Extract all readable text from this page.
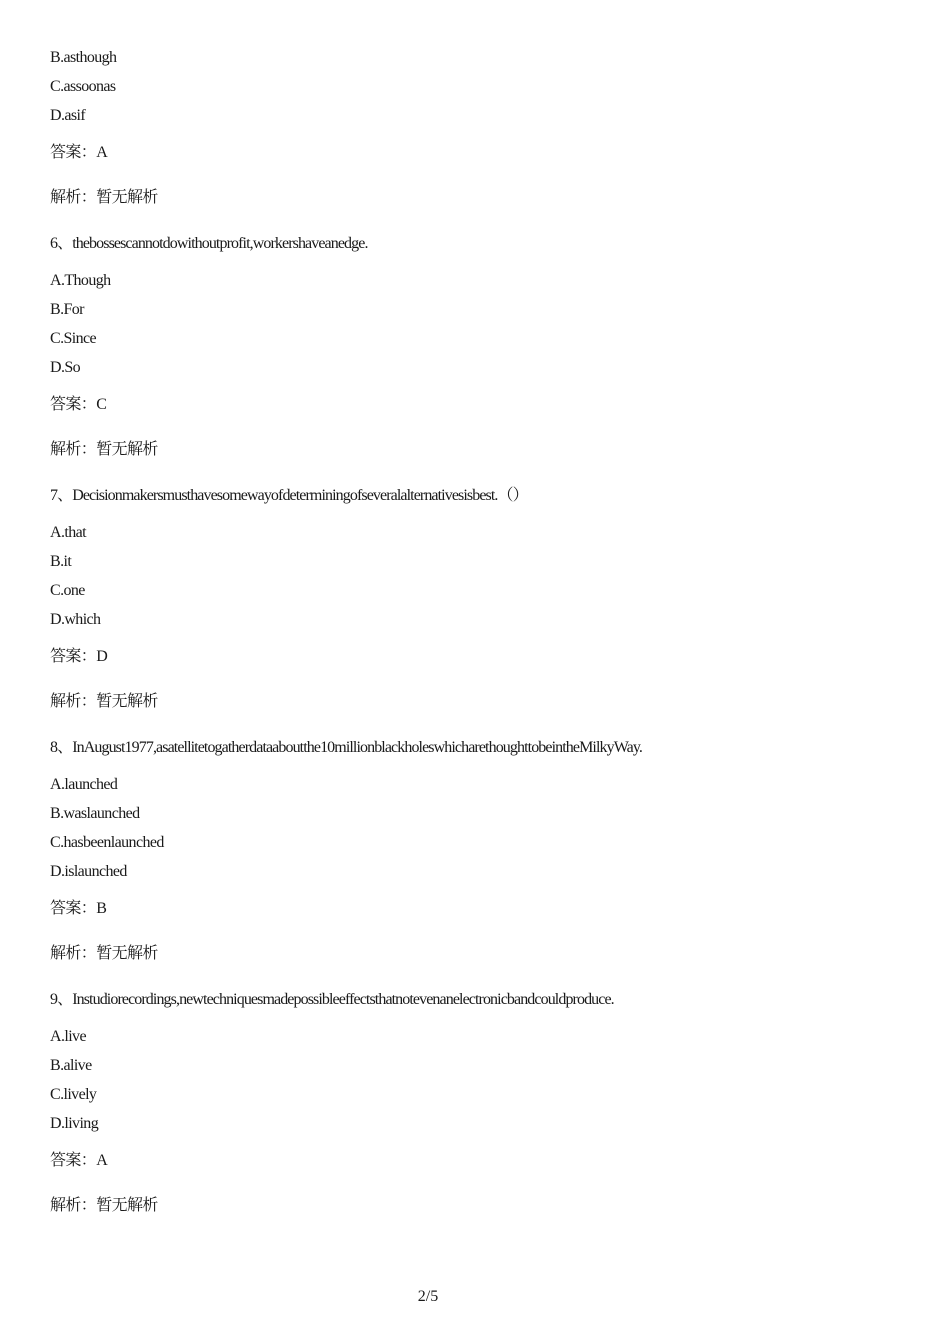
B.asthough
C.assoonas
D.asif
答案：A
解析：暂无解析
6、thebossescannotdowithoutprofit,workershaveanedge.
A.Though
B.For
C.Since
D.So
答案：C
解析：暂无解析
7、Decisionmakersmusthavesomewayofdeterminingofseveralalternativesisbest.（）
A.that
B.it
C.one
D.which
答案：D
解析：暂无解析
8、InAugust1977,asatellitetogatherdataaboutthe10millionblackholeswhicharethoughttobeintheMilkyWay.
A.launched
B.waslaunched
C.hasbeenlaunched
D.islaunched
答案：B
解析：暂无解析
9、Instudiorecordings,newtechniquesmadepossibleeffectsthatnotevenanelectronicbandcouldproduce.
A.live
B.alive
C.lively
D.living
答案：A
解析：暂无解析
2/5
